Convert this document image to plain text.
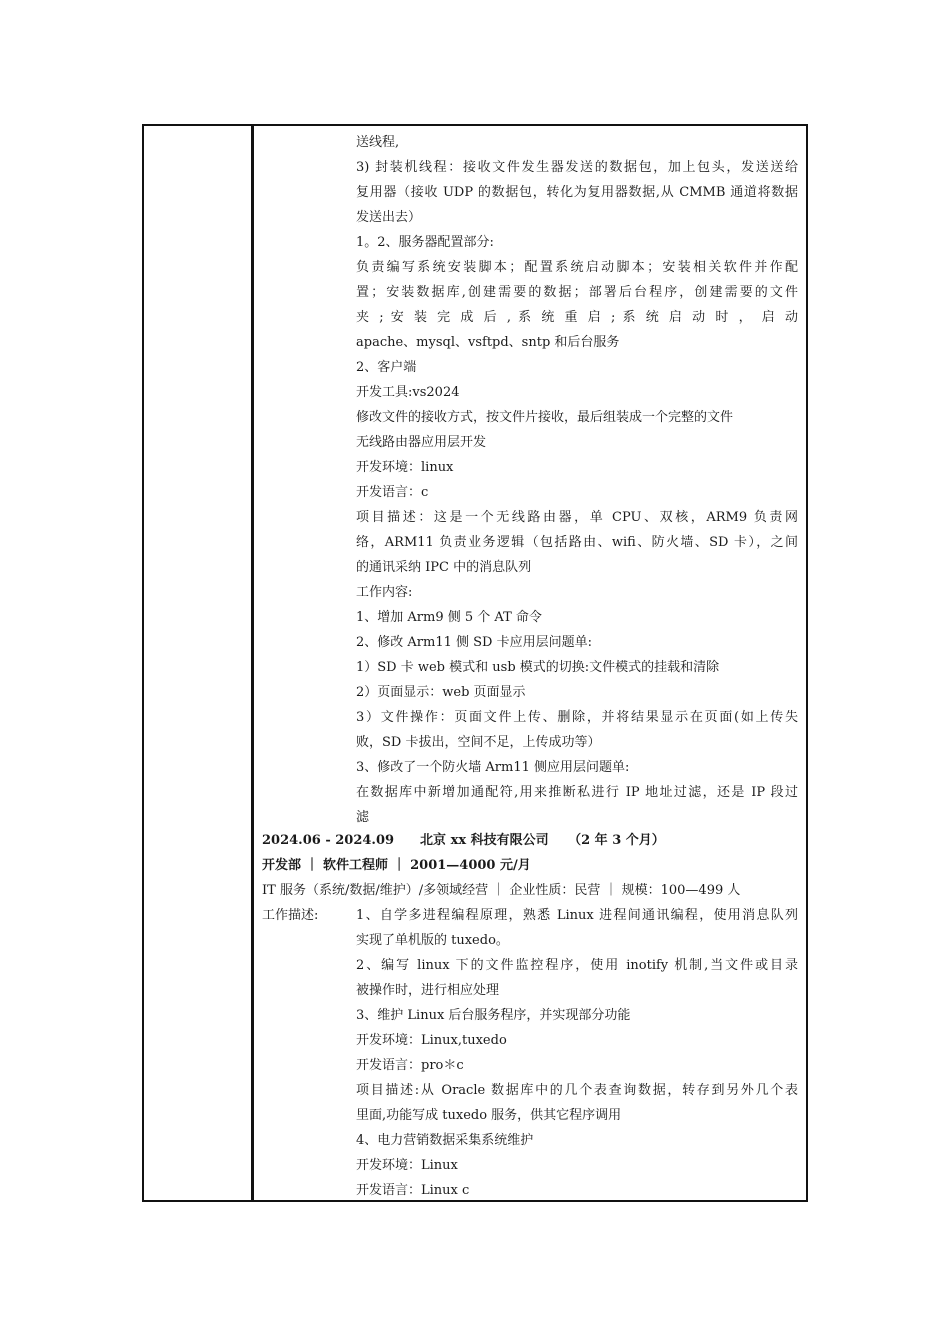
送线程,
3) 封装机线程：接收文件发生器发送的数据包，加上包头，发送送给
复用器（接收 UDP 的数据包，转化为复用器数据,从 CMMB 通道将数据
发送出去）
1。2、服务器配置部分:
负责编写系统安装脚本；配置系统启动脚本；安装相关软件并作配
置；安装数据库,创建需要的数据；部署后台程序，创建需要的文件
夹 ; 安 装 完 成 后 , 系 统 重 启 ; 系 统 启 动 时 ， 启 动
apache、mysql、vsftpd、sntp 和后台服务
2、客户端
开发工具:vs2024
修改文件的接收方式，按文件片接收，最后组装成一个完整的文件
无线路由器应用层开发
开发环境：linux
开发语言：c
项目描述：这是一个无线路由器，单 CPU、双核，ARM9 负责网
络，ARM11 负责业务逻辑（包括路由、wifi、防火墙、SD 卡），之间
的通讯采纳 IPC 中的消息队列
工作内容:
1、增加 Arm9 侧 5 个 AT 命令
2、修改 Arm11 侧 SD 卡应用层问题单:
1）SD 卡 web 模式和 usb 模式的切换:文件模式的挂载和清除
2）页面显示：web 页面显示
3）文件操作：页面文件上传、删除，并将结果显示在页面(如上传失
败，SD 卡拔出，空间不足，上传成功等）
3、修改了一个防火墙 Arm11 侧应用层问题单:
在数据库中新增加通配符,用来推断私进行 IP 地址过滤，还是 IP 段过
滤
2024.06 - 2024.09　　北京 xx 科技有限公司　　（2 年 3 个月）
开发部 ｜ 软件工程师 ｜ 2001—4000 元/月
IT 服务（系统/数据/维护）/多领域经营 ｜ 企业性质：民营 ｜ 规模：100—499 人
工作描述:	1、自学多进程编程原理，熟悉 Linux 进程间通讯编程，使用消息队列
实现了单机版的 tuxedo。
2、编写 linux 下的文件监控程序，使用 inotify 机制,当文件或目录
被操作时，进行相应处理
3、维护 Linux 后台服务程序，并实现部分功能
开发环境：Linux,tuxedo
开发语言：pro＊c
项目描述:从 Oracle 数据库中的几个表查询数据，转存到另外几个表
里面,功能写成 tuxedo 服务，供其它程序调用
4、电力营销数据采集系统维护
开发环境：Linux
开发语言：Linux c
